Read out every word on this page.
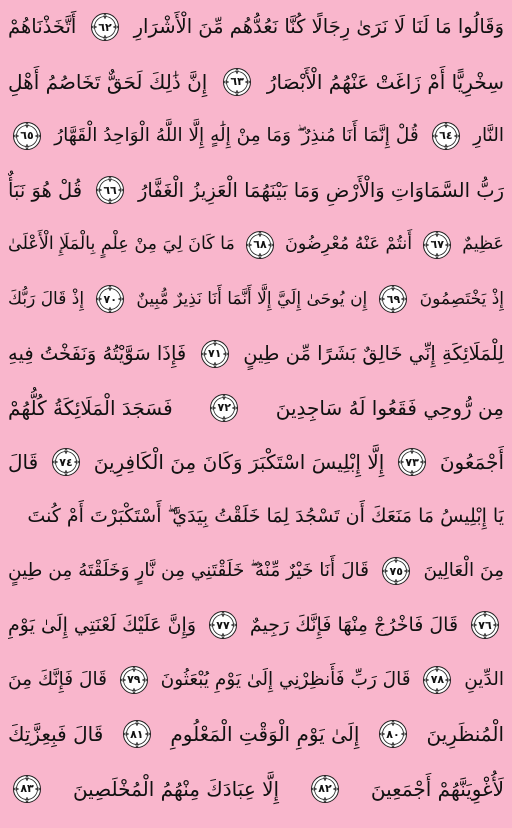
وَقَالُوا مَا لَنَا لَا نَرَىٰ رِجَالًا كُنَّا نَعُدُّهُم مِّنَ الْأَشْرَارِ
٦٢
أَتَّخَذْنَاهُمْ
سِخْرِيًّا أَمْ زَاغَتْ عَنْهُمُ الْأَبْصَارُ
٦٣
إِنَّ ذَٰلِكَ لَحَقٌّ تَخَاصُمُ أَهْلِ
النَّارِ
٦٤
قُلْ إِنَّمَا أَنَا مُنذِرٌ ۖ وَمَا مِنْ إِلَٰهٍ إِلَّا اللَّهُ الْوَاحِدُ الْقَهَّارُ
٦٥
رَبُّ السَّمَاوَاتِ وَالْأَرْضِ وَمَا بَيْنَهُمَا الْعَزِيزُ الْغَفَّارُ
٦٦
قُلْ هُوَ نَبَأٌ
عَظِيمٌ
٦٧
أَنتُمْ عَنْهُ مُعْرِضُونَ
٦٨
مَا كَانَ لِيَ مِنْ عِلْمٍ بِالْمَلَإِ الْأَعْلَىٰ
إِذْ يَخْتَصِمُونَ
٦٩
إِن يُوحَىٰ إِلَيَّ إِلَّا أَنَّمَا أَنَا نَذِيرٌ مُّبِينٌ
٧٠
إِذْ قَالَ رَبُّكَ
لِلْمَلَائِكَةِ إِنِّي خَالِقٌ بَشَرًا مِّن طِينٍ
٧١
فَإِذَا سَوَّيْتُهُ وَنَفَخْتُ فِيهِ
مِن رُّوحِي فَقَعُوا لَهُ سَاجِدِينَ
٧٢
فَسَجَدَ الْمَلَائِكَةُ كُلُّهُمْ
أَجْمَعُونَ
٧٣
إِلَّا إِبْلِيسَ اسْتَكْبَرَ وَكَانَ مِنَ الْكَافِرِينَ
٧٤
قَالَ
يَا إِبْلِيسُ مَا مَنَعَكَ أَن تَسْجُدَ لِمَا خَلَقْتُ بِيَدَيَّ ۖ أَسْتَكْبَرْتَ أَمْ كُنتَ
مِنَ الْعَالِينَ
٧٥
قَالَ أَنَا خَيْرٌ مِّنْهُ ۖ خَلَقْتَنِي مِن نَّارٍ وَخَلَقْتَهُ مِن طِينٍ
٧٦
قَالَ فَاخْرُجْ مِنْهَا فَإِنَّكَ رَجِيمٌ
٧٧
وَإِنَّ عَلَيْكَ لَعْنَتِي إِلَىٰ يَوْمِ
الدِّينِ
٧٨
قَالَ رَبِّ فَأَنظِرْنِي إِلَىٰ يَوْمِ يُبْعَثُونَ
٧٩
قَالَ فَإِنَّكَ مِنَ
الْمُنظَرِينَ
٨٠
إِلَىٰ يَوْمِ الْوَقْتِ الْمَعْلُومِ
٨١
قَالَ فَبِعِزَّتِكَ
لَأُغْوِيَنَّهُمْ أَجْمَعِينَ
٨٢
إِلَّا عِبَادَكَ مِنْهُمُ الْمُخْلَصِينَ
٨٣
